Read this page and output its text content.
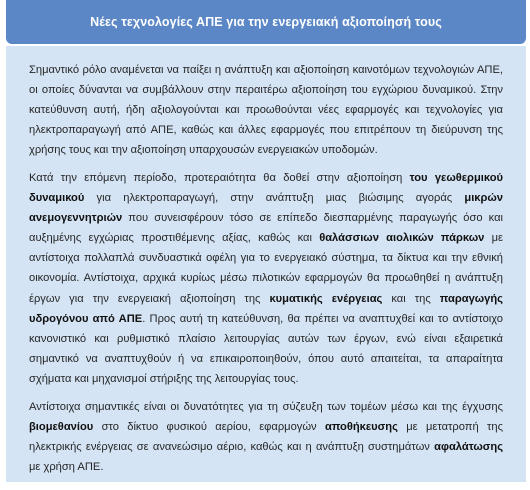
Νέες τεχνολογίες ΑΠΕ για την ενεργειακή αξιοποίησή τους

Σημαντικό ρόλο αναμένεται να παίξει η ανάπτυξη και αξιοποίηση καινοτόμων τεχνολογιών ΑΠΕ, οι οποίες δύνανται να συμβάλλουν στην περαιτέρω αξιοποίηση του εγχώριου δυναμικού. Στην κατεύθυνση αυτή, ήδη αξιολογούνται και προωθούνται νέες εφαρμογές και τεχνολογίες για ηλεκτροπαραγωγή από ΑΠΕ, καθώς και άλλες εφαρμογές που επιτρέπουν τη διεύρυνση της χρήσης τους και την αξιοποίηση υπαρχουσών ενεργειακών υποδομών.

Κατά την επόμενη περίοδο, προτεραιότητα θα δοθεί στην αξιοποίηση του γεωθερμικού δυναμικού για ηλεκτροπαραγωγή, στην ανάπτυξη μιας βιώσιμης αγοράς μικρών ανεμογεννητριών που συνεισφέρουν τόσο σε επίπεδο διεσπαρμένης παραγωγής όσο και αυξημένης εγχώριας προστιθέμενης αξίας, καθώς και θαλάσσιων αιολικών πάρκων με αντίστοιχα πολλαπλά συνδυαστικά οφέλη για το ενεργειακό σύστημα, τα δίκτυα και την εθνική οικονομία. Αντίστοιχα, αρχικά κυρίως μέσω πιλοτικών εφαρμογών θα προωθηθεί η ανάπτυξη έργων για την ενεργειακή αξιοποίηση της κυματικής ενέργειας και της παραγωγής υδρογόνου από ΑΠΕ. Προς αυτή τη κατεύθυνση, θα πρέπει να αναπτυχθεί και το αντίστοιχο κανονιστικό και ρυθμιστικό πλαίσιο λειτουργίας αυτών των έργων, ενώ είναι εξαιρετικά σημαντικό να αναπτυχθούν ή να επικαιροποιηθούν, όπου αυτό απαιτείται, τα απαραίτητα σχήματα και μηχανισμοί στήριξης της λειτουργίας τους.

Αντίστοιχα σημαντικές είναι οι δυνατότητες για τη σύζευξη των τομέων μέσω και της έγχυσης βιομεθανίου στο δίκτυο φυσικού αερίου, εφαρμογών αποθήκευσης με μετατροπή της ηλεκτρικής ενέργειας σε ανανεώσιμο αέριο, καθώς και η ανάπτυξη συστημάτων αφαλάτωσης με χρήση ΑΠΕ.
